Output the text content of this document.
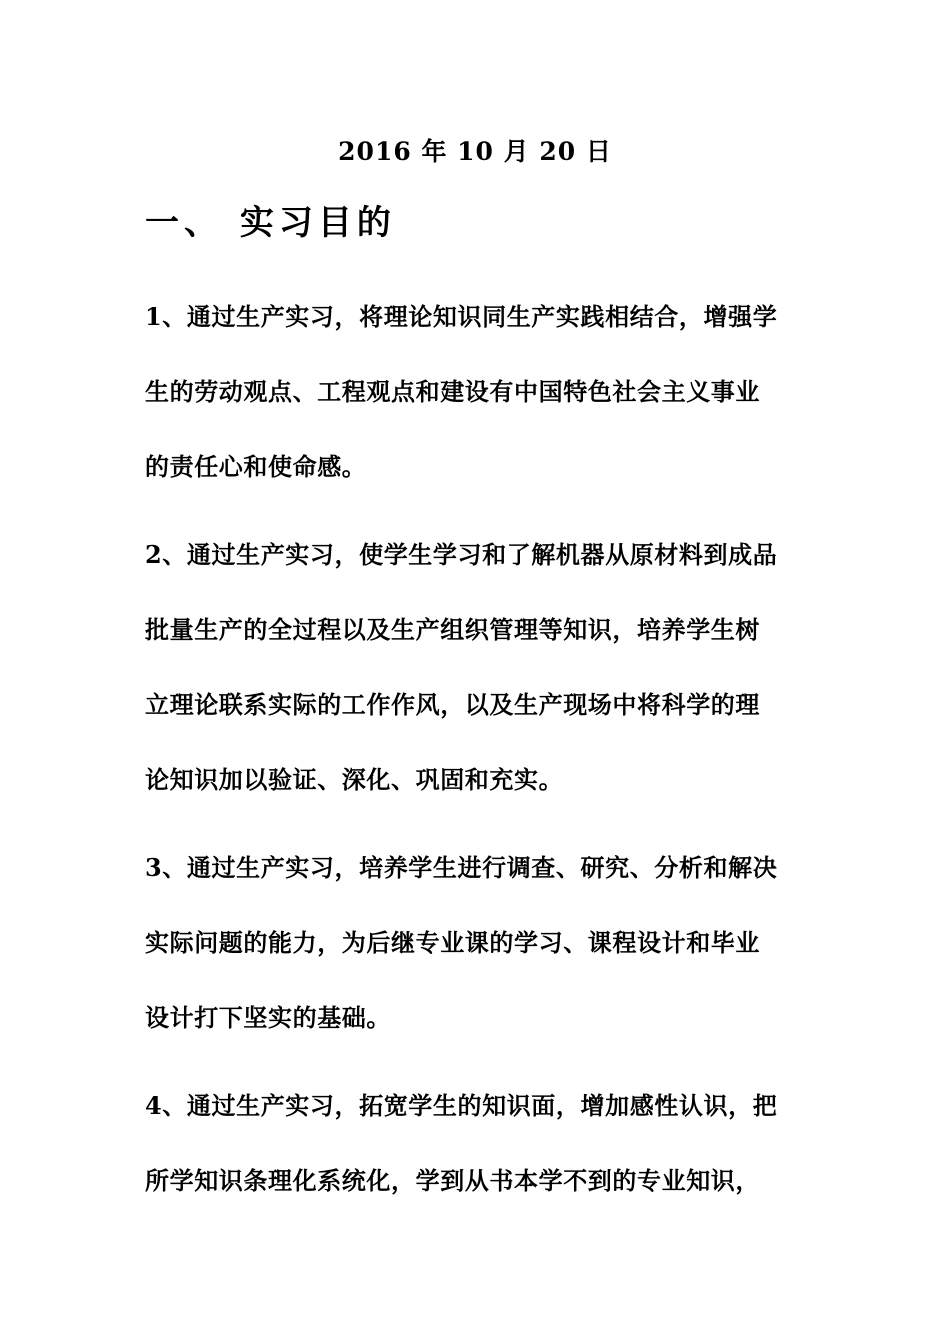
2016 年 10 月 20 日
一、 实习目的
1、通过生产实习，将理论知识同生产实践相结合，增强学
生的劳动观点、工程观点和建设有中国特色社会主义事业
的责任心和使命感。
2、通过生产实习，使学生学习和了解机器从原材料到成品
批量生产的全过程以及生产组织管理等知识，培养学生树
立理论联系实际的工作作风，以及生产现场中将科学的理
论知识加以验证、深化、巩固和充实。
3、通过生产实习，培养学生进行调查、研究、分析和解决
实际问题的能力，为后继专业课的学习、课程设计和毕业
设计打下坚实的基础。
4、通过生产实习，拓宽学生的知识面，增加感性认识，把
所学知识条理化系统化，学到从书本学不到的专业知识，
